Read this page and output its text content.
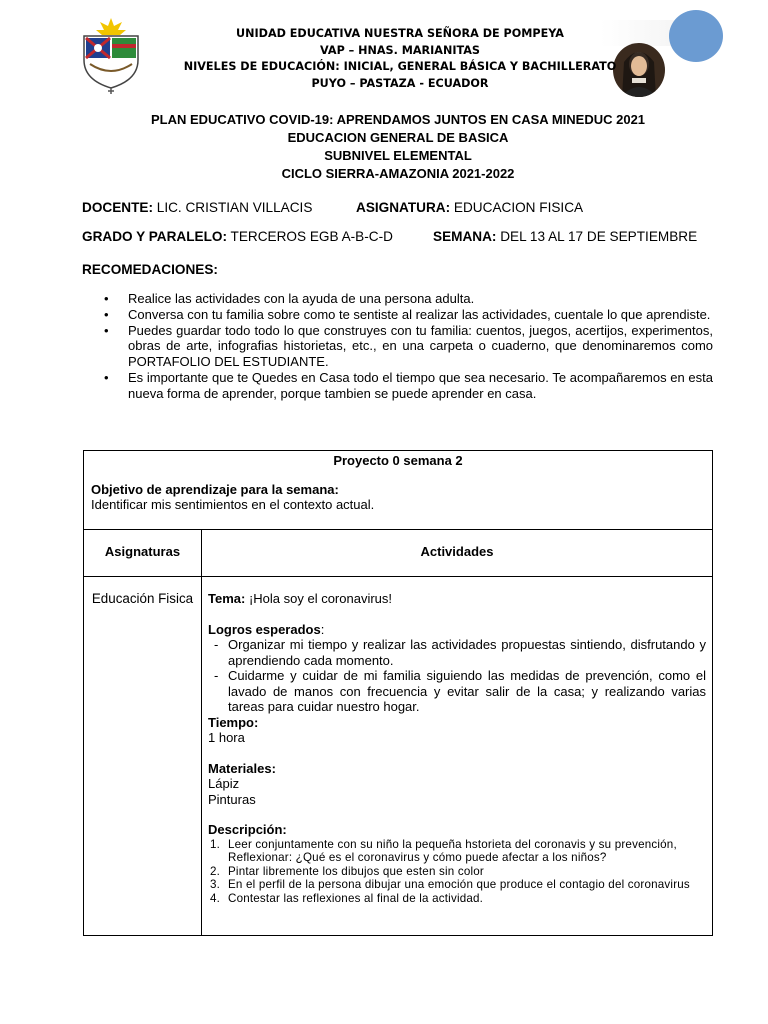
UNIDAD EDUCATIVA NUESTRA SEÑORA DE POMPEYA
VAP – HNAS. MARIANITAS
NIVELES DE EDUCACIÓN: INICIAL, GENERAL BÁSICA Y BACHILLERATO
PUYO – PASTAZA - ECUADOR
PLAN EDUCATIVO COVID-19: APRENDAMOS JUNTOS EN CASA MINEDUC 2021
EDUCACION GENERAL DE BASICA
SUBNIVEL ELEMENTAL
CICLO SIERRA-AMAZONIA 2021-2022
DOCENTE: LIC. CRISTIAN VILLACIS	ASIGNATURA: EDUCACION FISICA
GRADO Y PARALELO: TERCEROS EGB A-B-C-D	SEMANA: DEL 13 AL 17 DE SEPTIEMBRE
RECOMEDACIONES:
• Realice las actividades con la ayuda de una persona adulta.
• Conversa con tu familia sobre como te sentiste al realizar las actividades, cuentale lo que aprendiste.
• Puedes guardar todo todo lo que construyes con tu familia: cuentos, juegos, acertijos, experimentos, obras de arte, infografias historietas, etc., en una carpeta o cuaderno, que denominaremos como PORTAFOLIO DEL ESTUDIANTE.
• Es importante que te Quedes en Casa todo el tiempo que sea necesario. Te acompañaremos en esta nueva forma de aprender, porque tambien se puede aprender en casa.
Proyecto 0 semana 2
Objetivo de aprendizaje para la semana:
Identificar mis sentimientos en el contexto actual.
Asignaturas	Actividades
Educación Fisica	Tema: ¡Hola soy el coronavirus!
Logros esperados:
- Organizar mi tiempo y realizar las actividades propuestas sintiendo, disfrutando y aprendiendo cada momento.
- Cuidarme y cuidar de mi familia siguiendo las medidas de prevención, como el lavado de manos con frecuencia y evitar salir de la casa; y realizando varias tareas para cuidar nuestro hogar.
Tiempo:
1 hora
Materiales:
Lápiz
Pinturas
Descripción:
1. Leer conjuntamente con su niño la pequeña hstorieta del coronavis y su prevención,
Reflexionar: ¿Qué es el coronavirus y cómo puede afectar a los niños?
2. Pintar libremente los dibujos que esten sin color
3. En el perfil de la persona dibujar una emoción que produce el contagio del coronavirus
4. Contestar las reflexiones al final de la actividad.
